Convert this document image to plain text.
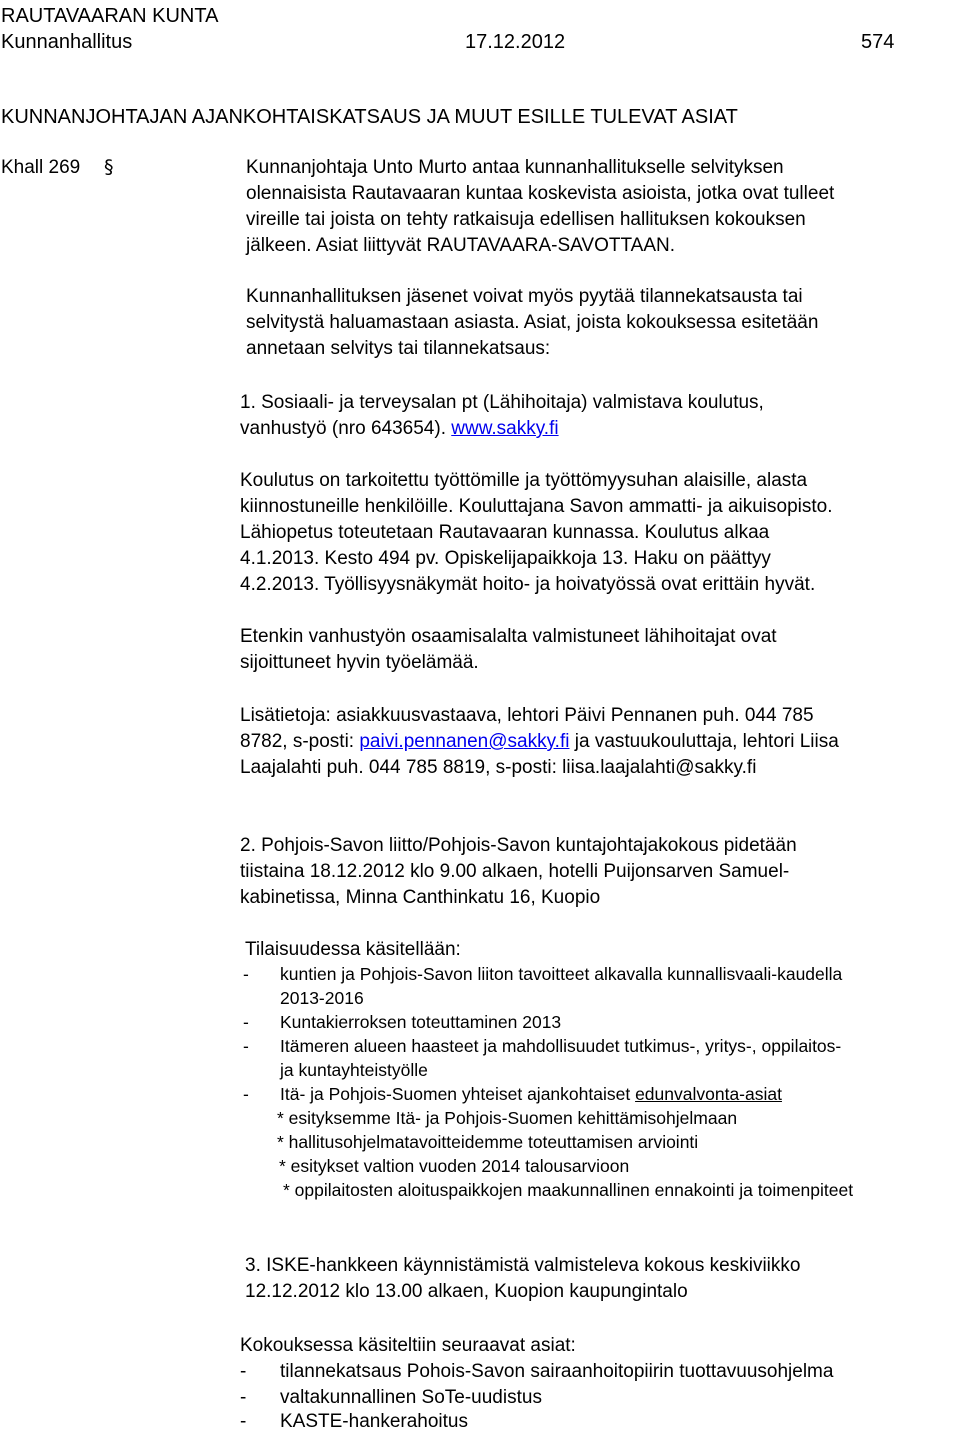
RAUTAVAARAN KUNTA
Kunnanhallitus	17.12.2012	574
KUNNANJOHTAJAN AJANKOHTAISKATSAUS JA MUUT ESILLE TULEVAT ASIAT
Khall 269 §	Kunnanjohtaja Unto Murto antaa kunnanhallitukselle selvityksen
olennaisista Rautavaaran kuntaa koskevista asioista, jotka ovat tulleet
vireille tai joista on tehty ratkaisuja edellisen hallituksen kokouksen
jälkeen. Asiat liittyvät RAUTAVAARA-SAVOTTAAN.
Kunnanhallituksen jäsenet voivat myös pyytää tilannekatsausta tai
selvitystä haluamastaan asiasta. Asiat, joista kokouksessa esitetään
annetaan selvitys tai tilannekatsaus:
1. Sosiaali- ja terveysalan pt (Lähihoitaja) valmistava koulutus,
vanhustyö (nro 643654). www.sakky.fi
Koulutus on tarkoitettu työttömille ja työttömyysuhan alaisille, alasta
kiinnostuneille henkilöille. Kouluttajana Savon ammatti- ja aikuisopisto.
Lähiopetus toteutetaan Rautavaaran kunnassa. Koulutus alkaa
4.1.2013. Kesto 494 pv. Opiskelijapaikkoja 13. Haku on päättyy
4.2.2013. Työllisyysnäkymät hoito- ja hoivatyössä ovat erittäin hyvät.
Etenkin vanhustyön osaamisalalta valmistuneet lähihoitajat ovat
sijoittuneet hyvin työelämää.
Lisätietoja: asiakkuusvastaava, lehtori Päivi Pennanen puh. 044 785
8782, s-posti: paivi.pennanen@sakky.fi ja vastuukouluttaja, lehtori Liisa
Laajalahti puh. 044 785 8819, s-posti: liisa.laajalahti@sakky.fi
2. Pohjois-Savon liitto/Pohjois-Savon kuntajohtajakokous pidetään
tiistaina 18.12.2012 klo 9.00 alkaen, hotelli Puijonsarven Samuel-
kabinetissa, Minna Canthinkatu 16, Kuopio
Tilaisuudessa käsitellään:
- kuntien ja Pohjois-Savon liiton tavoitteet alkavalla kunnallisvaali-kaudella
2013-2016
- Kuntakierroksen toteuttaminen 2013
- Itämeren alueen haasteet ja mahdollisuudet tutkimus-, yritys-, oppilaitos-
ja kuntayhteistyölle
- Itä- ja Pohjois-Suomen yhteiset ajankohtaiset edunvalvonta-asiat
* esityksemme Itä- ja Pohjois-Suomen kehittämisohjelmaan
* hallitusohjelmatavoitteidemme toteuttamisen arviointi
* esitykset valtion vuoden 2014 talousarvioon
* oppilaitosten aloituspaikkojen maakunnallinen ennakointi ja toimenpiteet
3. ISKE-hankkeen käynnistämistä valmisteleva kokous keskiviikko
12.12.2012 klo 13.00 alkaen, Kuopion kaupungintalo
Kokouksessa käsiteltiin seuraavat asiat:
- tilannekatsaus Pohois-Savon sairaanhoitopiirin tuottavuusohjelma
- valtakunnallinen SoTe-uudistus
- KASTE-hankerahoitus
